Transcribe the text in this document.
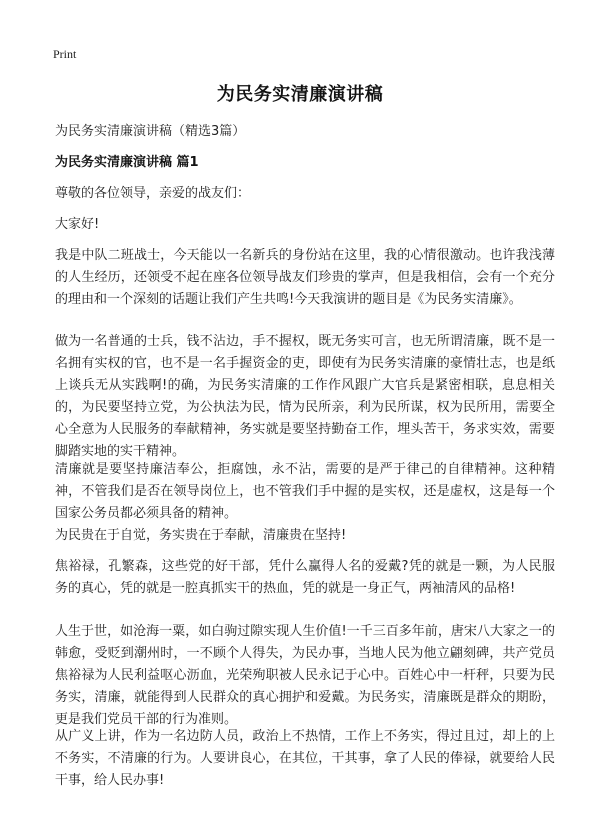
Print
为民务实清廉演讲稿
为民务实清廉演讲稿（精选3篇）
为民务实清廉演讲稿 篇1

尊敬的各位领导，亲爱的战友们：

大家好!

我是中队二班战士，今天能以一名新兵的身份站在这里，我的心情很激动。也许我浅薄的人生经历，还领受不起在座各位领导战友们珍贵的掌声，但是我相信，会有一个充分的理由和一个深刻的话题让我们产生共鸣!今天我演讲的题目是《为民务实清廉》。

做为一名普通的士兵，钱不沾边，手不握权，既无务实可言，也无所谓清廉，既不是一名拥有实权的官，也不是一名手握资金的吏，即使有为民务实清廉的豪情壮志，也是纸上谈兵无从实践啊!的确，为民务实清廉的工作作风跟广大官兵是紧密相联，息息相关的，为民要坚持立党，为公执法为民，情为民所亲，利为民所谋，权为民所用，需要全心全意为人民服务的奉献精神，务实就是要坚持勤奋工作，埋头苦干，务求实效，需要脚踏实地的实干精神。

清廉就是要坚持廉洁奉公，拒腐蚀，永不沾，需要的是严于律己的自律精神。这种精神，不管我们是否在领导岗位上，也不管我们手中握的是实权，还是虚权，这是每一个国家公务员都必须具备的精神。

为民贵在于自觉，务实贵在于奉献，清廉贵在坚持!

焦裕禄，孔繁森，这些党的好干部，凭什么赢得人名的爱戴?凭的就是一颗，为人民服务的真心，凭的就是一腔真抓实干的热血，凭的就是一身正气，两袖清风的品格!

人生于世，如沧海一粟，如白驹过隙实现人生价值!一千三百多年前，唐宋八大家之一的韩愈，受贬到潮州时，一不顾个人得失，为民办事，当地人民为他立翩刻碑，共产党员焦裕禄为人民利益呕心沥血，光荣殉职被人民永记于心中。百姓心中一杆秤，只要为民务实，清廉，就能得到人民群众的真心拥护和爱戴。为民务实，清廉既是群众的期盼，更是我们党员干部的行为准则。

从广义上讲，作为一名边防人员，政治上不热情，工作上不务实，得过且过，却上的上不务实，不清廉的行为。人要讲良心，在其位，干其事，拿了人民的俸禄，就要给人民干事，给人民办事!
